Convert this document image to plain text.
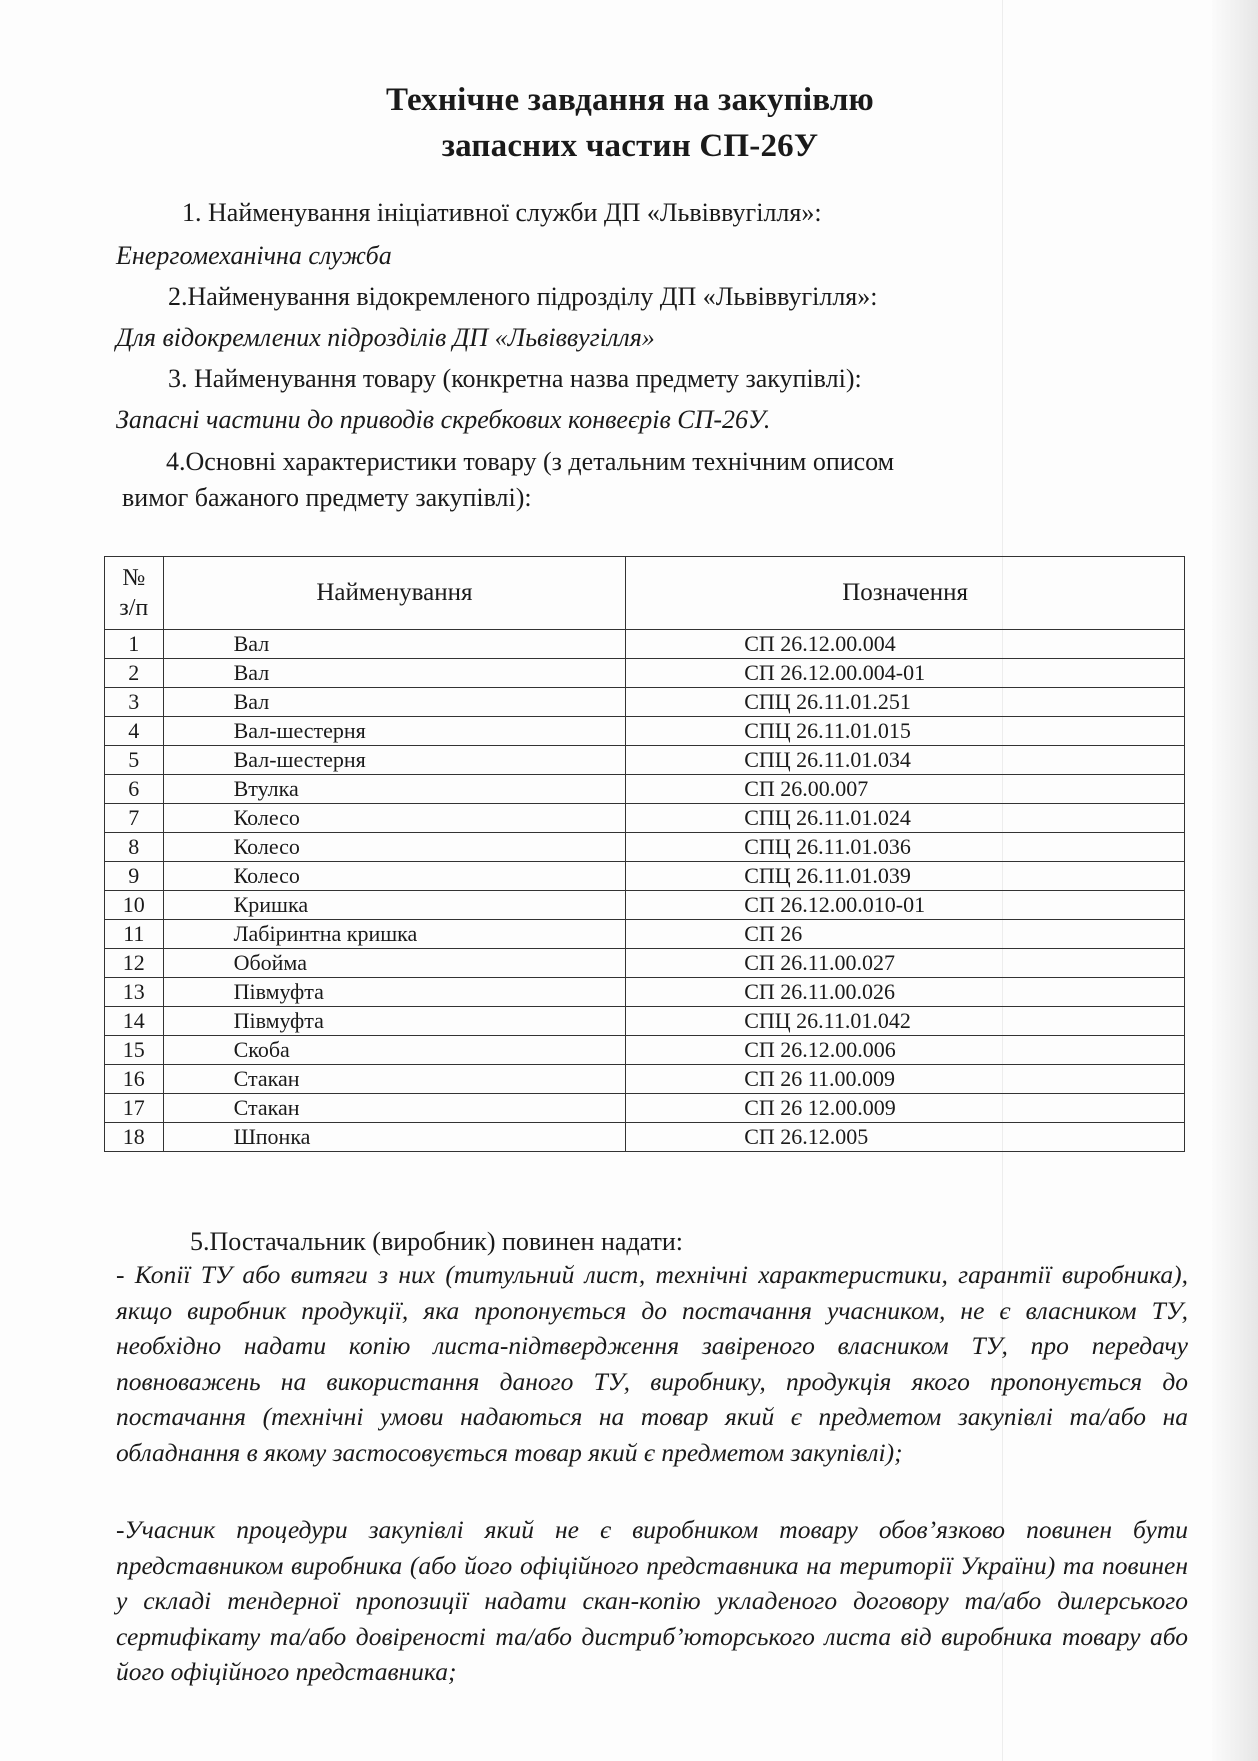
Технічне завдання на закупівлю
запасних частин СП-26У
1. Найменування ініціативної служби ДП «Львіввугілля»:
Енергомеханічна служба
2.Найменування відокремленого підрозділу ДП «Львіввугілля»:
Для відокремлених підрозділів ДП «Львіввугілля»
3. Найменування товару (конкретна назва предмету закупівлі):
Запасні частини до приводів скребкових конвеєрів СП-26У.
4.Основні характеристики товару (з детальним технічним описом
вимог бажаного предмету закупівлі):
№
з/п	Найменування	Позначення
1	Вал	СП 26.12.00.004
2	Вал	СП 26.12.00.004-01
3	Вал	СПЦ 26.11.01.251
4	Вал-шестерня	СПЦ 26.11.01.015
5	Вал-шестерня	СПЦ 26.11.01.034
6	Втулка	СП 26.00.007
7	Колесо	СПЦ 26.11.01.024
8	Колесо	СПЦ 26.11.01.036
9	Колесо	СПЦ 26.11.01.039
10	Кришка	СП 26.12.00.010-01
11	Лабіринтна кришка	СП 26
12	Обойма	СП 26.11.00.027
13	Півмуфта	СП 26.11.00.026
14	Півмуфта	СПЦ 26.11.01.042
15	Скоба	СП 26.12.00.006
16	Стакан	СП 26 11.00.009
17	Стакан	СП 26 12.00.009
18	Шпонка	СП 26.12.005
5.Постачальник (виробник) повинен надати:
- Копії ТУ або витяги з них (титульний лист, технічні характеристики, гарантії виробника), якщо виробник продукції, яка пропонується до постачання учасником, не є власником ТУ, необхідно надати копію листа-підтвердження завіреного власником ТУ, про передачу повноважень на використання даного ТУ, виробнику, продукція якого пропонується до постачання (технічні умови надаються на товар який є предметом закупівлі та/або на обладнання в якому застосовується товар який є предметом закупівлі);
-Учасник процедури закупівлі який не є виробником товару обов’язково повинен бути представником виробника (або його офіційного представника на території України) та повинен у складі тендерної пропозиції надати скан-копію укладеного договору та/або дилерського сертифікату та/або довіреності та/або дистриб’юторського листа від виробника товару або його офіційного представника;
